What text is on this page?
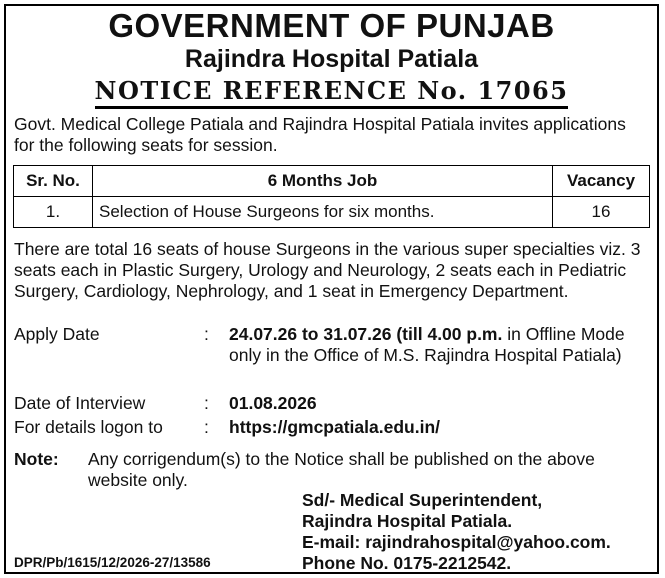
GOVERNMENT OF PUNJAB
Rajindra Hospital Patiala
NOTICE REFERENCE No. 17065
Govt. Medical College Patiala and Rajindra Hospital Patiala invites applications for the following seats for session.
Sr. No.	6 Months Job	Vacancy
1.	Selection of House Surgeons for six months.	16
There are total 16 seats of house Surgeons in the various super specialties viz. 3 seats each in Plastic Surgery, Urology and Neurology, 2 seats each in Pediatric Surgery, Cardiology, Nephrology, and 1 seat in Emergency Department.
Apply Date	: 24.07.26 to 31.07.26 (till 4.00 p.m. in Offline Mode only in the Office of M.S. Rajindra Hospital Patiala)
Date of Interview	: 01.08.2026
For details logon to : https://gmcpatiala.edu.in/
Note: Any corrigendum(s) to the Notice shall be published on the above website only.
Sd/- Medical Superintendent,
Rajindra Hospital Patiala.
E-mail: rajindrahospital@yahoo.com.
Phone No. 0175-2212542.
DPR/Pb/1615/12/2026-27/13586
